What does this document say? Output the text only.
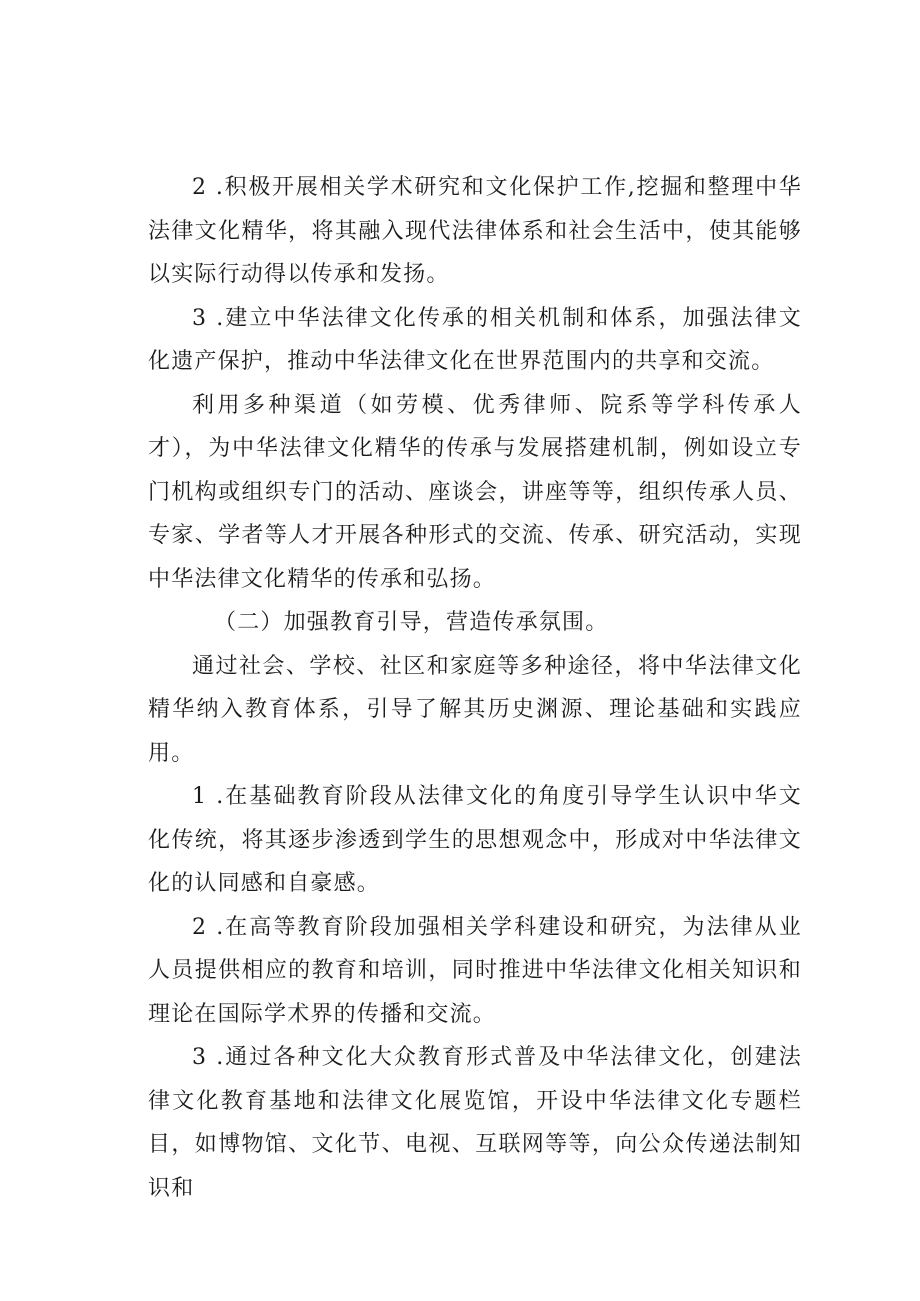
2 .积极开展相关学术研究和文化保护工作,挖掘和整理中华法律文化精华，将其融入现代法律体系和社会生活中，使其能够以实际行动得以传承和发扬。

3 .建立中华法律文化传承的相关机制和体系，加强法律文化遗产保护，推动中华法律文化在世界范围内的共享和交流。

利用多种渠道（如劳模、优秀律师、院系等学科传承人才），为中华法律文化精华的传承与发展搭建机制，例如设立专门机构或组织专门的活动、座谈会，讲座等等，组织传承人员、专家、学者等人才开展各种形式的交流、传承、研究活动，实现中华法律文化精华的传承和弘扬。

（二）加强教育引导，营造传承氛围。

通过社会、学校、社区和家庭等多种途径，将中华法律文化精华纳入教育体系，引导了解其历史渊源、理论基础和实践应用。

1 .在基础教育阶段从法律文化的角度引导学生认识中华文化传统，将其逐步渗透到学生的思想观念中，形成对中华法律文化的认同感和自豪感。

2 .在高等教育阶段加强相关学科建设和研究，为法律从业人员提供相应的教育和培训，同时推进中华法律文化相关知识和理论在国际学术界的传播和交流。

3 .通过各种文化大众教育形式普及中华法律文化，创建法律文化教育基地和法律文化展览馆，开设中华法律文化专题栏目，如博物馆、文化节、电视、互联网等等，向公众传递法制知识和
